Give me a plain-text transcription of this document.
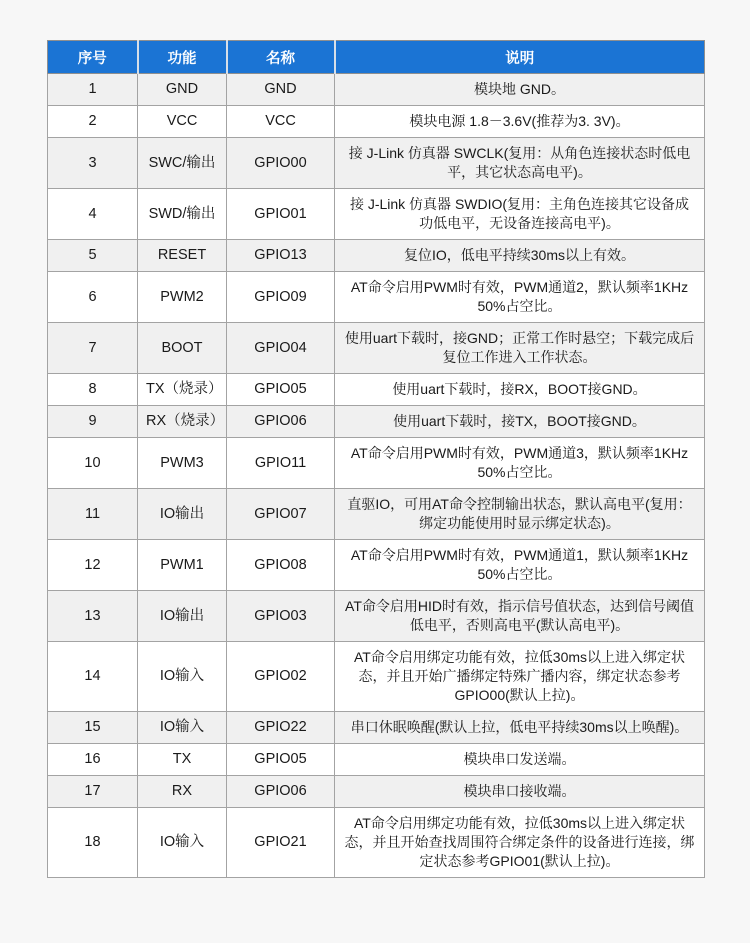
序号	功能	名称	说明
1	GND	GND	模块地 GND。
2	VCC	VCC	模块电源 1.8－3.6V(推荐为3. 3V)。
3	SWC/输出	GPIO00	接 J-Link 仿真器 SWCLK(复用：从角色连接状态时低电平，其它状态高电平)。
4	SWD/输出	GPIO01	接 J-Link 仿真器 SWDIO(复用：主角色连接其它设备成功低电平，无设备连接高电平)。
5	RESET	GPIO13	复位IO，低电平持续30ms以上有效。
6	PWM2	GPIO09	AT命令启用PWM时有效，PWM通道2，默认频率1KHz 50%占空比。
7	BOOT	GPIO04	使用uart下载时，接GND；正常工作时悬空；下载完成后复位工作进入工作状态。
8	TX（烧录）	GPIO05	使用uart下载时，接RX，BOOT接GND。
9	RX（烧录）	GPIO06	使用uart下载时，接TX，BOOT接GND。
10	PWM3	GPIO11	AT命令启用PWM时有效，PWM通道3，默认频率1KHz 50%占空比。
11	IO输出	GPIO07	直驱IO，可用AT命令控制输出状态，默认高电平(复用：绑定功能使用时显示绑定状态)。
12	PWM1	GPIO08	AT命令启用PWM时有效，PWM通道1，默认频率1KHz 50%占空比。
13	IO输出	GPIO03	AT命令启用HID时有效，指示信号值状态，达到信号阈值低电平，否则高电平(默认高电平)。
14	IO输入	GPIO02	AT命令启用绑定功能有效，拉低30ms以上进入绑定状态，并且开始广播绑定特殊广播内容，绑定状态参考GPIO00(默认上拉)。
15	IO输入	GPIO22	串口休眠唤醒(默认上拉，低电平持续30ms以上唤醒)。
16	TX	GPIO05	模块串口发送端。
17	RX	GPIO06	模块串口接收端。
18	IO输入	GPIO21	AT命令启用绑定功能有效，拉低30ms以上进入绑定状态，并且开始查找周围符合绑定条件的设备进行连接，绑定状态参考GPIO01(默认上拉)。
